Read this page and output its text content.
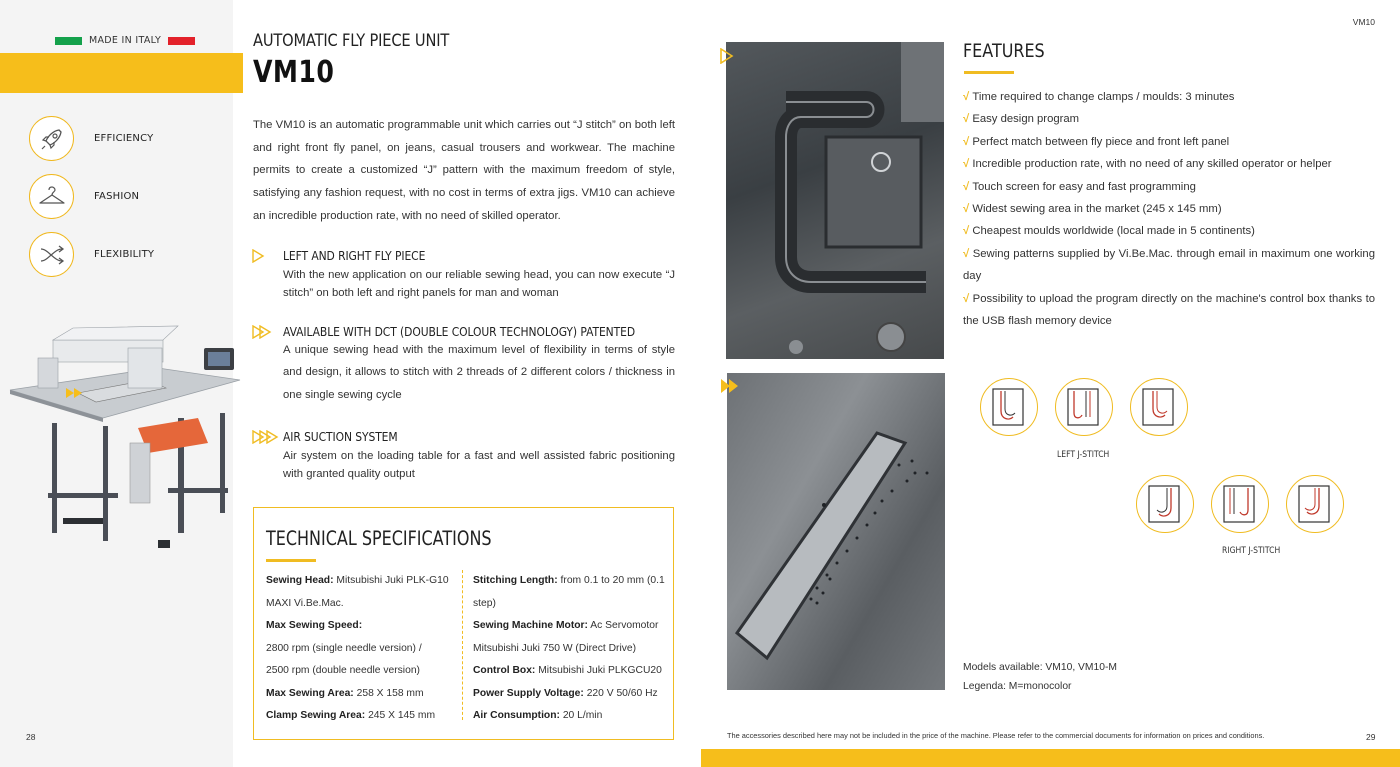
MADE IN ITALY
EFFICIENCY
FASHION
FLEXIBILITY
28
AUTOMATIC FLY PIECE UNIT
VM10

The VM10 is an automatic programmable unit which carries out “J stitch” on both left and right front fly panel, on jeans, casual trousers and workwear. The machine permits to create a customized “J” pattern with the maximum freedom of style, satisfying any fashion request, with no cost in terms of extra jigs. VM10 can achieve an incredible production rate, with no need of skilled operator.

LEFT AND RIGHT FLY PIECE
With the new application on our reliable sewing head, you can now execute “J stitch” on both left and right panels for man and woman
AVAILABLE WITH DCT (DOUBLE COLOUR TECHNOLOGY) PATENTED
A unique sewing head with the maximum level of flexibility in terms of style and design, it allows to stitch with 2 threads of 2 different colors / thickness in one single sewing cycle
AIR SUCTION SYSTEM
Air system on the loading table for a fast and well assisted fabric positioning with granted quality output
TECHNICAL SPECIFICATIONS
Sewing Head: Mitsubishi Juki PLK-G10 MAXI Vi.Be.Mac.
Max Sewing Speed:
2800 rpm (single needle version) /
2500 rpm (double needle version)
Max Sewing Area: 258 X 158 mm
Clamp Sewing Area: 245 X 145 mm
Stitching Length: from 0.1 to 20 mm (0.1 step)
Sewing Machine Motor: Ac Servomotor Mitsubishi Juki 750 W (Direct Drive)
Control Box: Mitsubishi Juki PLKGCU20
Power Supply Voltage: 220 V 50/60 Hz
Air Consumption: 20 L/min
VM10
FEATURES
√ Time required to change clamps / moulds: 3 minutes
√ Easy design program
√ Perfect match between fly piece and front left panel
√ Incredible production rate, with no need of any skilled operator or helper
√ Touch screen for easy and fast programming
√ Widest sewing area in the market (245 x 145 mm)
√ Cheapest moulds worldwide (local made in 5 continents)
√ Sewing patterns supplied by Vi.Be.Mac. through email in maximum one working day
√ Possibility to upload the program directly on the machine's control box thanks to the USB flash memory device
LEFT J-STITCH
RIGHT J-STITCH
Models available: VM10, VM10-M
Legenda: M=monocolor
The accessories described here may not be included in the price of the machine. Please refer to the commercial documents for information on prices and conditions.	29
